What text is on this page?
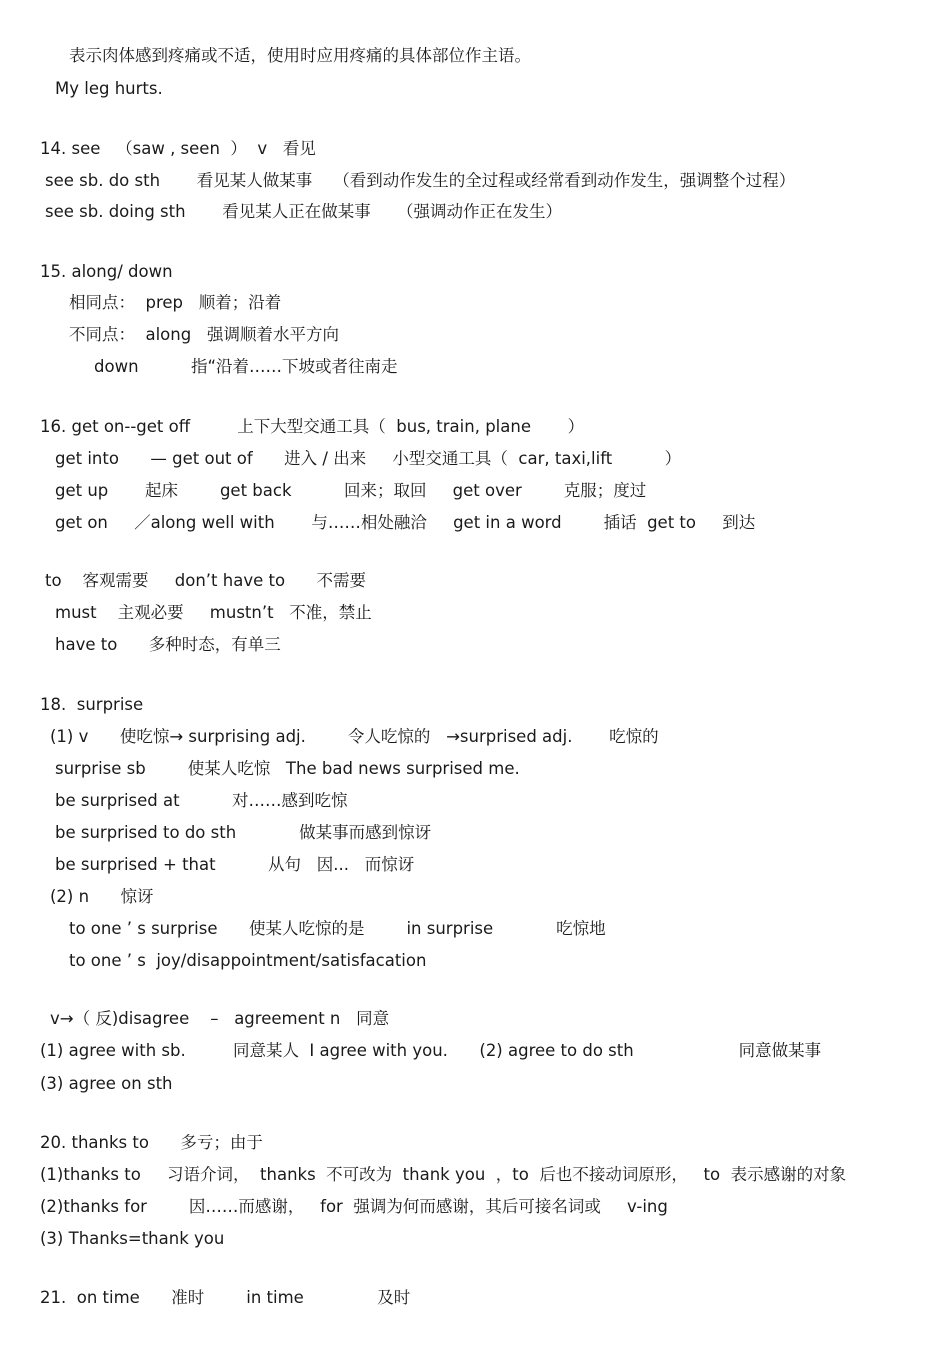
表示肉体感到疼痛或不适，使用时应用疼痛的具体部位作主语。
My leg hurts.
14. see   （saw , seen  ）  v   看见
see sb. do sth       看见某人做某事    （看到动作发生的全过程或经常看到动作发生，强调整个过程）
see sb. doing sth       看见某人正在做某事     （强调动作正在发生）
15. along/ down
相同点：  prep   顺着；沿着
不同点：  along   强调顺着水平方向
down          指“沿着……下坡或者往南走
16. get on--get off         上下大型交通工具（  bus, train, plane       ）
get into      — get out of      进入 / 出来     小型交通工具（  car, taxi,lift          ）
get up       起床        get back          回来；取回     get over        克服；度过
get on     ／along well with       与……相处融洽     get in a word        插话  get to     到达
to    客观需要     don’t have to      不需要
must    主观必要     mustn’t   不准，禁止
have to      多种时态，有单三
18.  surprise
(1) v      使吃惊→ surprising adj.        令人吃惊的   →surprised adj.       吃惊的
surprise sb        使某人吃惊   The bad news surprised me.
be surprised at          对……感到吃惊
be surprised to do sth            做某事而感到惊讶
be surprised + that          从句   因...   而惊讶
(2) n      惊讶
to one ’ s surprise      使某人吃惊的是        in surprise            吃惊地
to one ’ s  joy/disappointment/satisfacation
v→（ 反)disagree    –   agreement n   同意
(1) agree with sb.         同意某人  I agree with you.      (2) agree to do sth                    同意做某事
(3) agree on sth
20. thanks to      多亏；由于
(1)thanks to     习语介词，  thanks  不可改为  thank you  ，to  后也不接动词原形，   to  表示感谢的对象
(2)thanks for        因……而感谢，   for  强调为何而感谢，其后可接名词或     v-ing
(3) Thanks=thank you
21.  on time      准时        in time              及时
